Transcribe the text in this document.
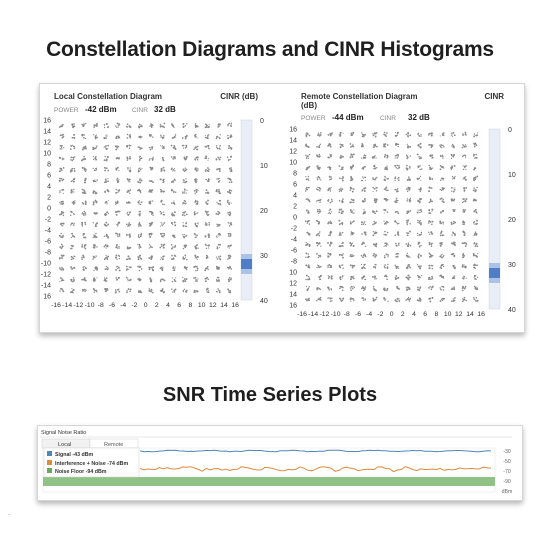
Constellation Diagrams and CINR Histograms
Local Constellation Diagram	CINR (dB)
POWER -42 dBm CINR 32 dB
16
14
12
10
8
6
4
2
0
-2
-4
-6
-8
-10
-12
-14
16
-16 -14 -12 -10 -8 -6 -4 -2 0 2 4 6 8 10 12 14 16
0
10
20
30
40
Remote Constellation Diagram
(dB)
CINR
POWER -44 dBm	CINR 32 dB
16
14
12
10
8
6
4
2
0
-2
-4
-6
-8
10
12
14
16
-16 -14 -12 -10 -8 -6 -4 -2 0 2 4 6 8 10 12 14 16
0
10
20
30
40
SNR Time Series Plots
Signal Noise Ratio
Local	Remote
Signal -43 dBm
Interference + Noise -74 dBm
Noise Floor -94 dBm
-30
-50
-70
-90
dBm
-
